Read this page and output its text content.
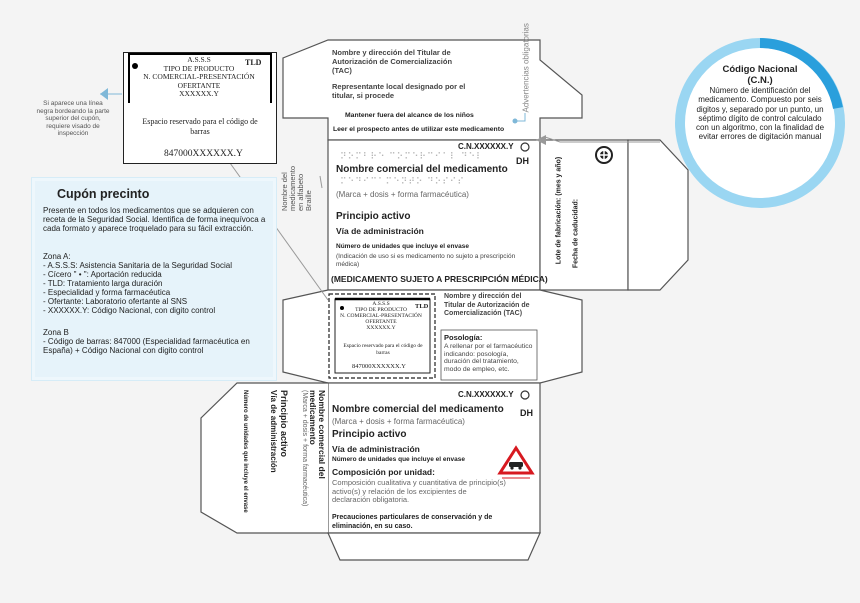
TLD
A.S.S.S
TIPO DE PRODUCTO
N. COMERCIAL-PRESENTACIÓN
OFERTANTE
XXXXXX.Y
Espacio reservado para el código de barras
847000XXXXXX.Y
Si aparece una línea negra bordeando la parte superior del cupón, requiere visado de inspección
Cupón precinto
Presente en todos los medicamentos que se adquieren con receta de la Seguridad Social. Identifica de forma inequívoca a cada formato y aparece troquelado para su fácil extracción.
Zona A:
- A.S.S.S: Asistencia Sanitaria de la Seguridad Social
- Cícero " • ": Aportación reducida
- TLD: Tratamiento larga duración
- Especialidad y forma farmacéutica
- Ofertante: Laboratorio ofertante al SNS
- XXXXXX.Y: Código Nacional, con digito control
Zona B
- Código de barras: 847000 (Especialidad farmacéutica en España) + Código Nacional con digito control
Código Nacional
(C.N.)
Número de identificación del medicamento. Compuesto por seis digitos y, separado por un punto, un séptimo dígito de control calculado con un algoritmo, con la finalidad de evitar errores de digitación manual
Nombre y dirección del Titular de Autorización de Comercialización (TAC)
Representante local designado por el titular, si procede	Advertencias obligatorias
Mantener fuera del alcance de los niños
Leer el prospecto antes de utilizar este medicamento
C.N.XXXXXX.Y
DH
Nombre del medicamento en alfabeto Braille
⠝⠕⠍⠃⠗⠑ ⠉⠕⠍⠑⠗⠉⠊⠁⠇ ⠙⠑⠇
⠍⠑⠙⠊⠉⠁⠍⠑⠝⠞⠕ ⠙⠕⠎⠊⠎
Nombre comercial del medicamento
(Marca + dosis + forma farmacéutica)
Principio activo
Vía de administración
Número de unidades que incluye el envase
(Indicación de uso si es medicamento no sujeto a prescripción médica)
(MEDICAMENTO SUJETO A PRESCRIPCIÓN MÉDICA)
Lote de fabricación: (mes y año) Fecha de caducidad:
TLD
A.S.S.S
TIPO DE PRODUCTO
N. COMERCIAL-PRESENTACIÓN
OFERTANTE
XXXXXX.Y
Espacio reservado para el código de barras
847000XXXXXX.Y
Nombre y dirección del Titular de Autorización de Comercialización (TAC)
Posología:
A rellenar por el farmacéutico indicando: posología, duración del tratamiento, modo de empleo, etc.
C.N.XXXXXX.Y
DH
Nombre comercial del medicamento
(Marca + dosis + forma farmacéutica)
Principio activo
Vía de administración
Número de unidades que incluye el envase
Composición por unidad:
Composición cualitativa y cuantitativa de principio(s) activo(s) y relación de los excipientes de declaración obligatoria.
Precauciones particulares de conservación y de eliminación, en su caso.
Nombre comercial del medicamento
(Marca + dosis + forma farmacéutica)
Principio activo
Vía de administración
Número de unidades que incluye el envase
